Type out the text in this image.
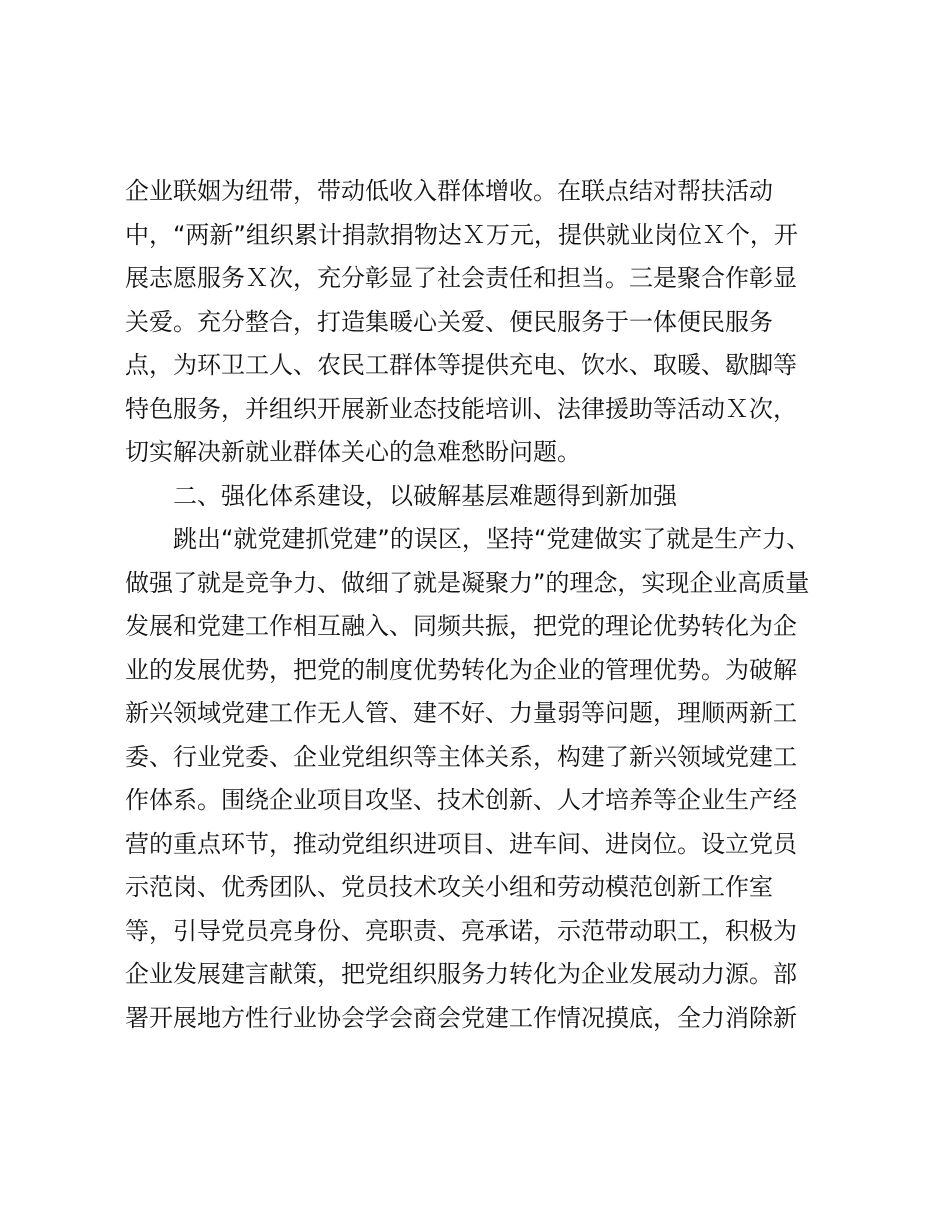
企业联姻为纽带，带动低收入群体增收。在联点结对帮扶活动
中，“两新”组织累计捐款捐物达Ｘ万元，提供就业岗位Ｘ个，开
展志愿服务Ｘ次，充分彰显了社会责任和担当。三是聚合作彰显
关爱。充分整合，打造集暖心关爱、便民服务于一体便民服务
点，为环卫工人、农民工群体等提供充电、饮水、取暖、歇脚等
特色服务，并组织开展新业态技能培训、法律援助等活动Ｘ次，
切实解决新就业群体关心的急难愁盼问题。
二、强化体系建设，以破解基层难题得到新加强
跳出“就党建抓党建”的误区，坚持“党建做实了就是生产力、
做强了就是竞争力、做细了就是凝聚力”的理念，实现企业高质量
发展和党建工作相互融入、同频共振，把党的理论优势转化为企
业的发展优势，把党的制度优势转化为企业的管理优势。为破解
新兴领域党建工作无人管、建不好、力量弱等问题，理顺两新工
委、行业党委、企业党组织等主体关系，构建了新兴领域党建工
作体系。围绕企业项目攻坚、技术创新、人才培养等企业生产经
营的重点环节，推动党组织进项目、进车间、进岗位。设立党员
示范岗、优秀团队、党员技术攻关小组和劳动模范创新工作室
等，引导党员亮身份、亮职责、亮承诺，示范带动职工，积极为
企业发展建言献策，把党组织服务力转化为企业发展动力源。部
署开展地方性行业协会学会商会党建工作情况摸底，全力消除新
